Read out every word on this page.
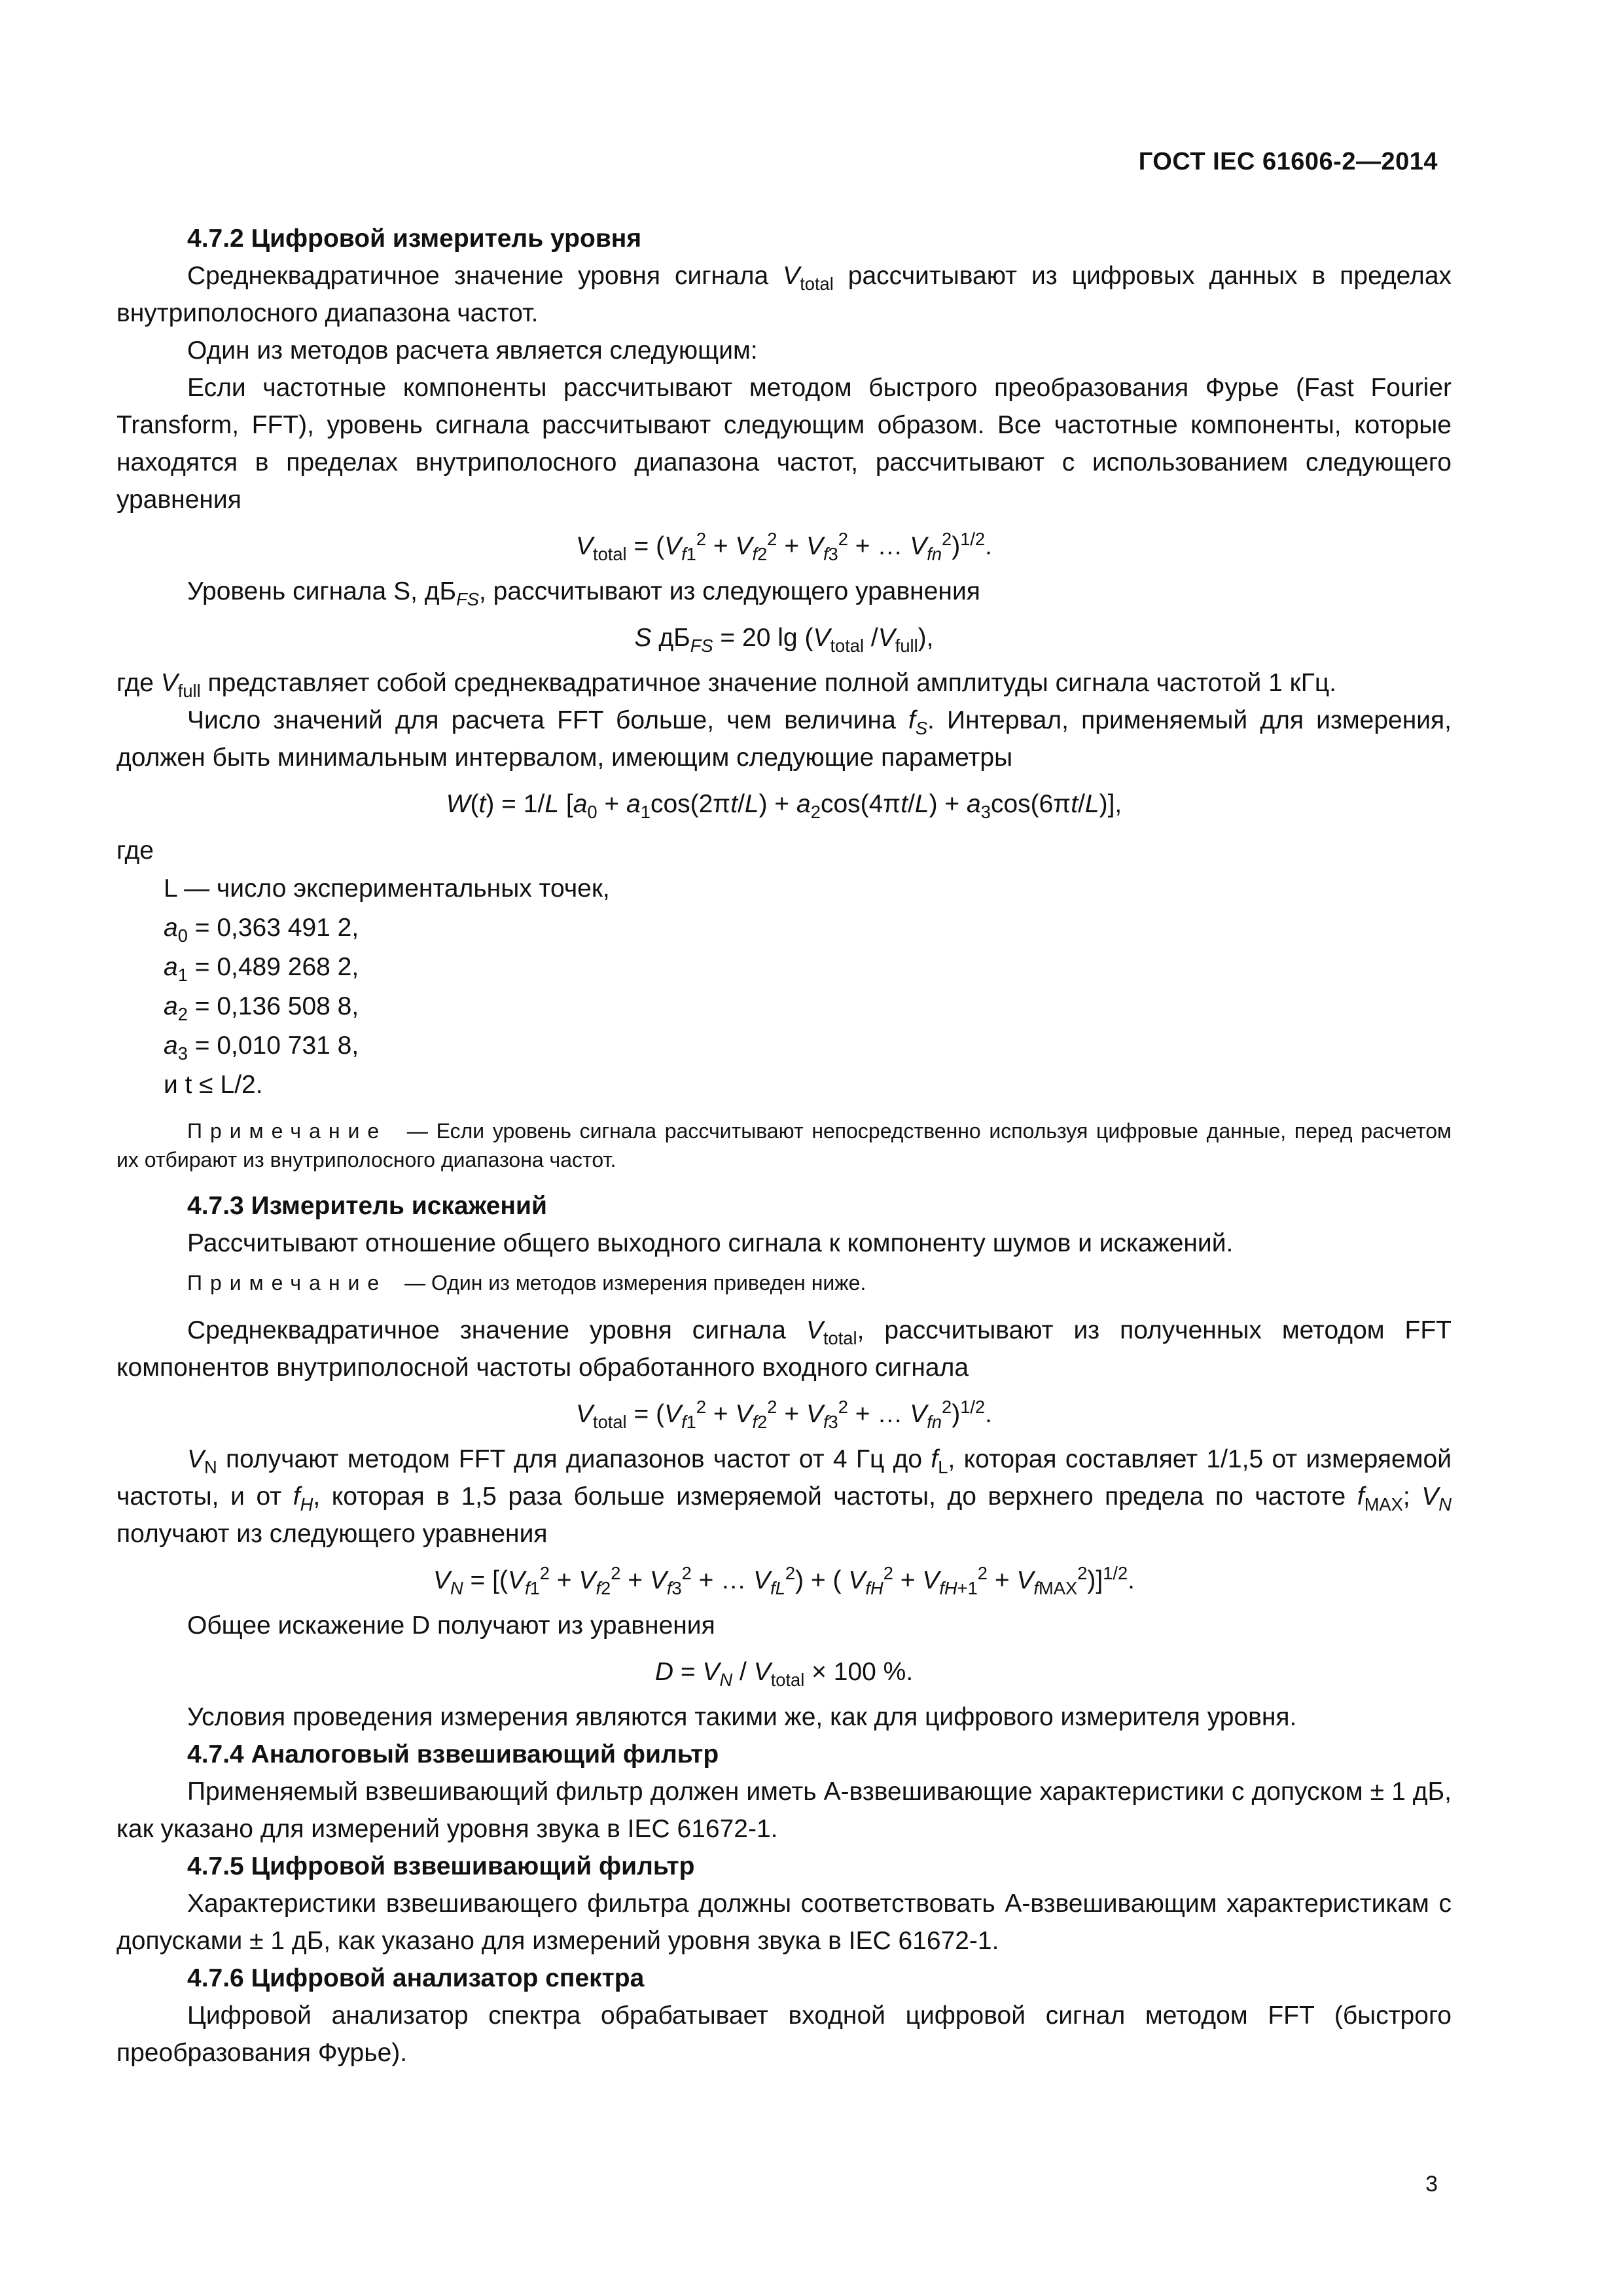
ГОСТ IEC 61606-2—2014

4.7.2 Цифровой измеритель уровня

Среднеквадратичное значение уровня сигнала $V_{total}$ рассчитывают из цифровых данных в пределах внутриполосного диапазона частот.

Один из методов расчета является следующим:

Если частотные компоненты рассчитывают методом быстрого преобразования Фурье (Fast Fourier Transform, FFT), уровень сигнала рассчитывают следующим образом. Все частотные компоненты, которые находятся в пределах внутриполосного диапазона частот, рассчитывают с использованием следующего уравнения

$V_{total} = (V_{f1}^2 + V_{f2}^2 + V_{f3}^2$ + … $V_{fn}^2)^{1/2}$.

Уровень сигнала S, $дБ_{FS}$, рассчитывают из следующего уравнения

S $дБ_{FS} = 20$ $\lg (V_{total}$ $/V_{full}$),

где $V_{full}$ представляет собой среднеквадратичное значение полной амплитуды сигнала частотой 1 кГц.

Число значений для расчета FFT больше, чем величина $f_S$. Интервал, применяемый для измерения, должен быть минимальным интервалом, имеющим следующие параметры

W(t) = 1/L $[a_0 + a_1\cos(2\pi t/L) + a_2\cos(4\pi t/L) + a_3\cos(6\pi t/L)]$,

где

L — число экспериментальных точек,
$a_0 = 0,363$ 491 2,
$a_1 = 0,489$ 268 2,
$a_2 = 0,136$ 508 8,
$a_3 = 0,010$ 731 8,
и t ≤ L/2.

Примечание — Если уровень сигнала рассчитывают непосредственно используя цифровые данные, перед расчетом их отбирают из внутриполосного диапазона частот.

4.7.3 Измеритель искажений

Рассчитывают отношение общего выходного сигнала к компоненту шумов и искажений.

Примечание — Один из методов измерения приведен ниже.

Среднеквадратичное значение уровня сигнала $V_{total}$, рассчитывают из полученных методом FFT компонентов внутриполосной частоты обработанного входного сигнала

$V_{total} = (V_{f1}^2 + V_{f2}^2 + V_{f3}^2$ + … $V_{fn}^2)^{1/2}$.

$V_N$ получают методом FFT для диапазонов частот от 4 Гц до $f_L$, которая составляет 1/1,5 от измеряемой частоты, и от $f_H$, которая в 1,5 раза больше измеряемой частоты, до верхнего предела по частоте $f_{MAX}$; $V_N$ получают из следующего уравнения

$V_N = [(V_{f1}^2 + V_{f2}^2 + V_{f3}^2$ + … $V_{fL}^2$) + ( $V_{fH}^2 + V_{fH+1}^2 + V_{fMAX}^2)]^{1/2}$.

Общее искажение D получают из уравнения

$D = V_N / V_{total} \times 100$ %.

Условия проведения измерения являются такими же, как для цифрового измерителя уровня.

4.7.4 Аналоговый взвешивающий фильтр

Применяемый взвешивающий фильтр должен иметь А-взвешивающие характеристики с допуском ± 1 дБ, как указано для измерений уровня звука в IEC 61672-1.

4.7.5 Цифровой взвешивающий фильтр

Характеристики взвешивающего фильтра должны соответствовать А-взвешивающим характеристикам с допусками ± 1 дБ, как указано для измерений уровня звука в IEC 61672-1.

4.7.6 Цифровой анализатор спектра

Цифровой анализатор спектра обрабатывает входной цифровой сигнал методом FFT (быстрого преобразования Фурье).

3
